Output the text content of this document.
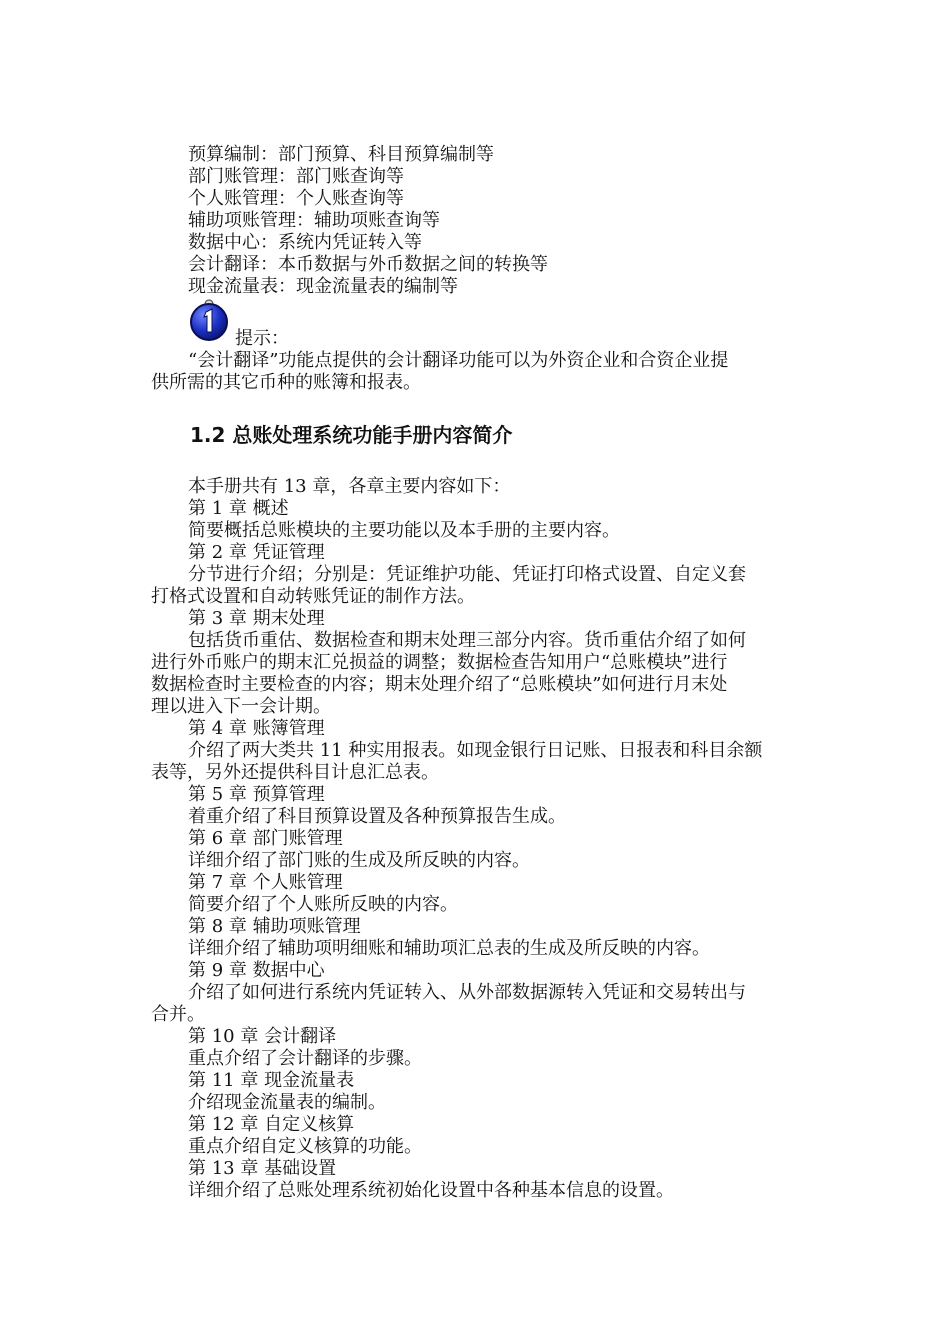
预算编制：部门预算、科目预算编制等
部门账管理：部门账查询等
个人账管理：个人账查询等
辅助项账管理：辅助项账查询等
数据中心：系统内凭证转入等
会计翻译：本币数据与外币数据之间的转换等
现金流量表：现金流量表的编制等
提示：
“会计翻译”功能点提供的会计翻译功能可以为外资企业和合资企业提
供所需的其它币种的账簿和报表。
1.2 总账处理系统功能手册内容简介
本手册共有 13 章，各章主要内容如下：
第 1 章 概述
简要概括总账模块的主要功能以及本手册的主要内容。
第 2 章 凭证管理
分节进行介绍；分别是：凭证维护功能、凭证打印格式设置、自定义套
打格式设置和自动转账凭证的制作方法。
第 3 章 期末处理
包括货币重估、数据检查和期末处理三部分内容。货币重估介绍了如何
进行外币账户的期末汇兑损益的调整；数据检查告知用户“总账模块”进行
数据检查时主要检查的内容；期末处理介绍了“总账模块”如何进行月末处
理以进入下一会计期。
第 4 章 账簿管理
介绍了两大类共 11 种实用报表。如现金银行日记账、日报表和科目余额
表等，另外还提供科目计息汇总表。
第 5 章 预算管理
着重介绍了科目预算设置及各种预算报告生成。
第 6 章 部门账管理
详细介绍了部门账的生成及所反映的内容。
第 7 章 个人账管理
简要介绍了个人账所反映的内容。
第 8 章 辅助项账管理
详细介绍了辅助项明细账和辅助项汇总表的生成及所反映的内容。
第 9 章 数据中心
介绍了如何进行系统内凭证转入、从外部数据源转入凭证和交易转出与
合并。
第 10 章 会计翻译
重点介绍了会计翻译的步骤。
第 11 章 现金流量表
介绍现金流量表的编制。
第 12 章 自定义核算
重点介绍自定义核算的功能。
第 13 章 基础设置
详细介绍了总账处理系统初始化设置中各种基本信息的设置。
